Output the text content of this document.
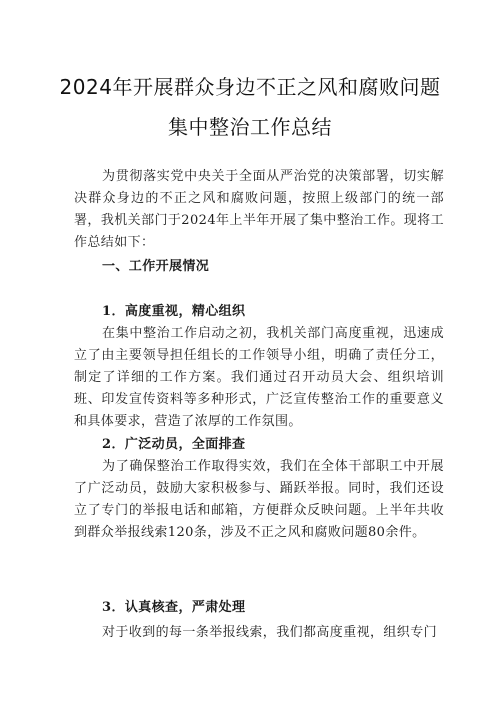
2024年开展群众身边不正之风和腐败问题
集中整治工作总结
为贯彻落实党中央关于全面从严治党的决策部署，切实解决群众身边的不正之风和腐败问题，按照上级部门的统一部署，我机关部门于2024年上半年开展了集中整治工作。现将工作总结如下：
一、工作开展情况
1．高度重视，精心组织
在集中整治工作启动之初，我机关部门高度重视，迅速成立了由主要领导担任组长的工作领导小组，明确了责任分工，制定了详细的工作方案。我们通过召开动员大会、组织培训班、印发宣传资料等多种形式，广泛宣传整治工作的重要意义和具体要求，营造了浓厚的工作氛围。
2．广泛动员，全面排查
为了确保整治工作取得实效，我们在全体干部职工中开展了广泛动员，鼓励大家积极参与、踊跃举报。同时，我们还设立了专门的举报电话和邮箱，方便群众反映问题。上半年共收到群众举报线索120条，涉及不正之风和腐败问题80余件。
3．认真核查，严肃处理
对于收到的每一条举报线索，我们都高度重视，组织专门
